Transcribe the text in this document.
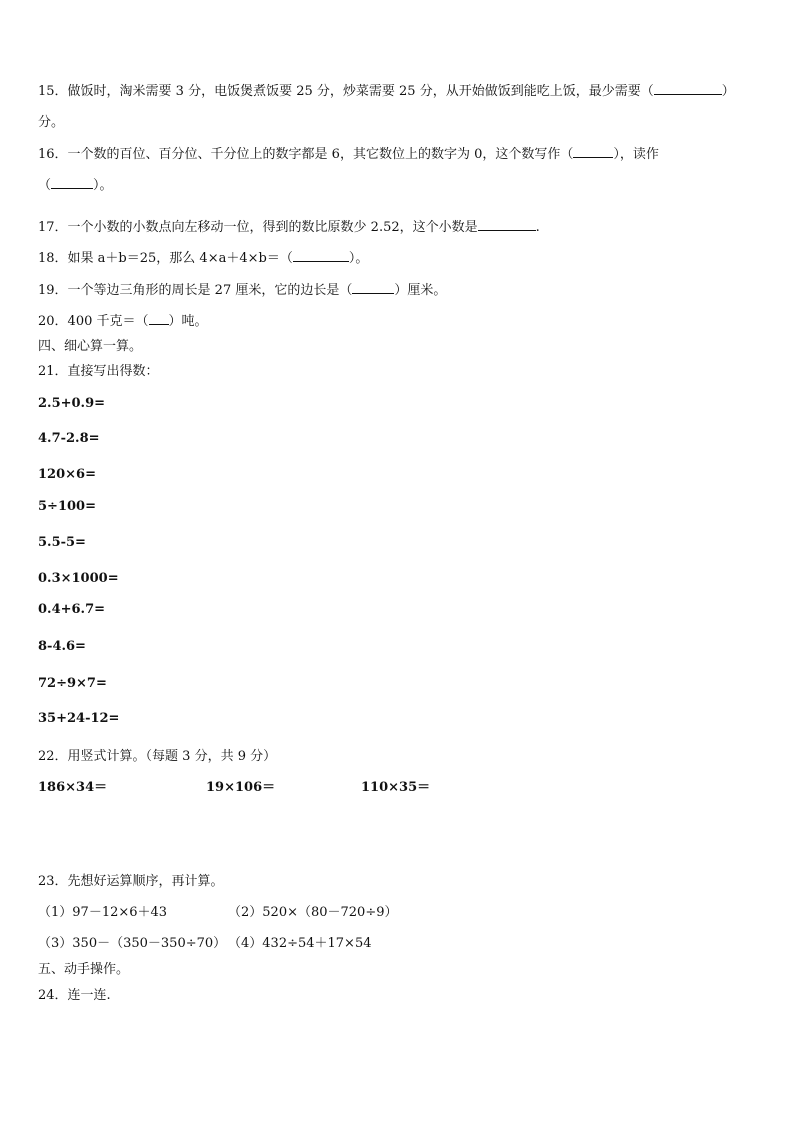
15．做饭时，淘米需要 3 分，电饭煲煮饭要 25 分，炒菜需要 25 分，从开始做饭到能吃上饭，最少需要（	）
分。
16．一个数的百位、百分位、千分位上的数字都是 6，其它数位上的数字为 0，这个数写作（	），读作
（	）。
17．一个小数的小数点向左移动一位，得到的数比原数少 2.52，这个小数是	.
18．如果 a＋b＝25，那么 4×a＋4×b＝（	）。
19．一个等边三角形的周长是 27 厘米，它的边长是（	）厘米。
20．400 千克＝（ ）吨。
四、细心算一算。
21．直接写出得数：
2.5+0.9=
4.7-2.8=
120×6=
5÷100=
5.5-5=
0.3×1000=
0.4+6.7=
8-4.6=
72÷9×7=
35+24-12=
22．用竖式计算。（每题 3 分，共 9 分）
186×34＝	19×106＝	110×35＝
23．先想好运算顺序，再计算。
（1）97－12×6＋43	（2）520×（80－720÷9）
（3）350－（350－350÷70） （4）432÷54＋17×54
五、动手操作。
24．连一连.
